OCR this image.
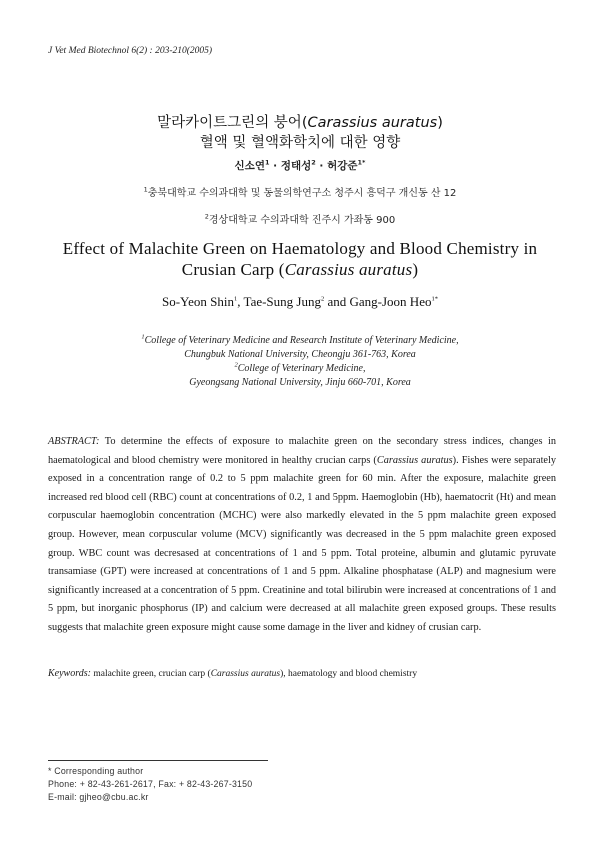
J Vet Med Biotechnol 6(2) : 203-210(2005)
말라카이트그린의 붕어(Carassius auratus)
혈액 및 혈액화학치에 대한 영향
신소연$^1$ · 정태성$^2$ · 허강준$^{1*}$
$^1$충북대학교 수의과대학 및 동물의학연구소 청주시 흥덕구 개신동 산 12
$^2$경상대학교 수의과대학 진주시 가좌동 900
Effect of Malachite Green on Haematology and Blood Chemistry in
Crusian Carp (Carassius auratus)
So-Yeon Shin$^1$, Tae-Sung Jung$^2$ and Gang-Joon Heo$^{1*}$
$^1$College of Veterinary Medicine and Research Institute of Veterinary Medicine,
Chungbuk National University, Cheongju 361-763, Korea
$^2$College of Veterinary Medicine,
Gyeongsang National University, Jinju 660-701, Korea
ABSTRACT: To determine the effects of exposure to malachite green on the secondary stress indices, changes in haematological and blood chemistry were monitored in healthy crucian carps (Carassius auratus). Fishes were separately exposed in a concentration range of 0.2 to 5 ppm malachite green for 60 min. After the exposure, malachite green increased red blood cell (RBC) count at concentrations of 0.2, 1 and 5ppm. Haemoglobin (Hb), haematocrit (Ht) and mean corpuscular haemoglobin concentration (MCHC) were also markedly elevated in the 5 ppm malachite green exposed group. However, mean corpuscular volume (MCV) significantly was decreased in the 5 ppm malachite green exposed group. WBC count was decresased at concentrations of 1 and 5 ppm. Total proteine, albumin and glutamic pyruvate transamiase (GPT) were increased at concentrations of 1 and 5 ppm. Alkaline phosphatase (ALP) and magnesium were significantly increased at a concentration of 5 ppm. Creatinine and total bilirubin were increased at concentrations of 1 and 5 ppm, but inorganic phosphorus (IP) and calcium were decreased at all malachite green exposed groups. These results suggests that malachite green exposure might cause some damage in the liver and kidney of crusian carp.
Keywords: malachite green, crucian carp (Carassius auratus), haematology and blood chemistry
* Corresponding author
Phone: + 82-43-261-2617, Fax: + 82-43-267-3150
E-mail: gjheo@cbu.ac.kr
